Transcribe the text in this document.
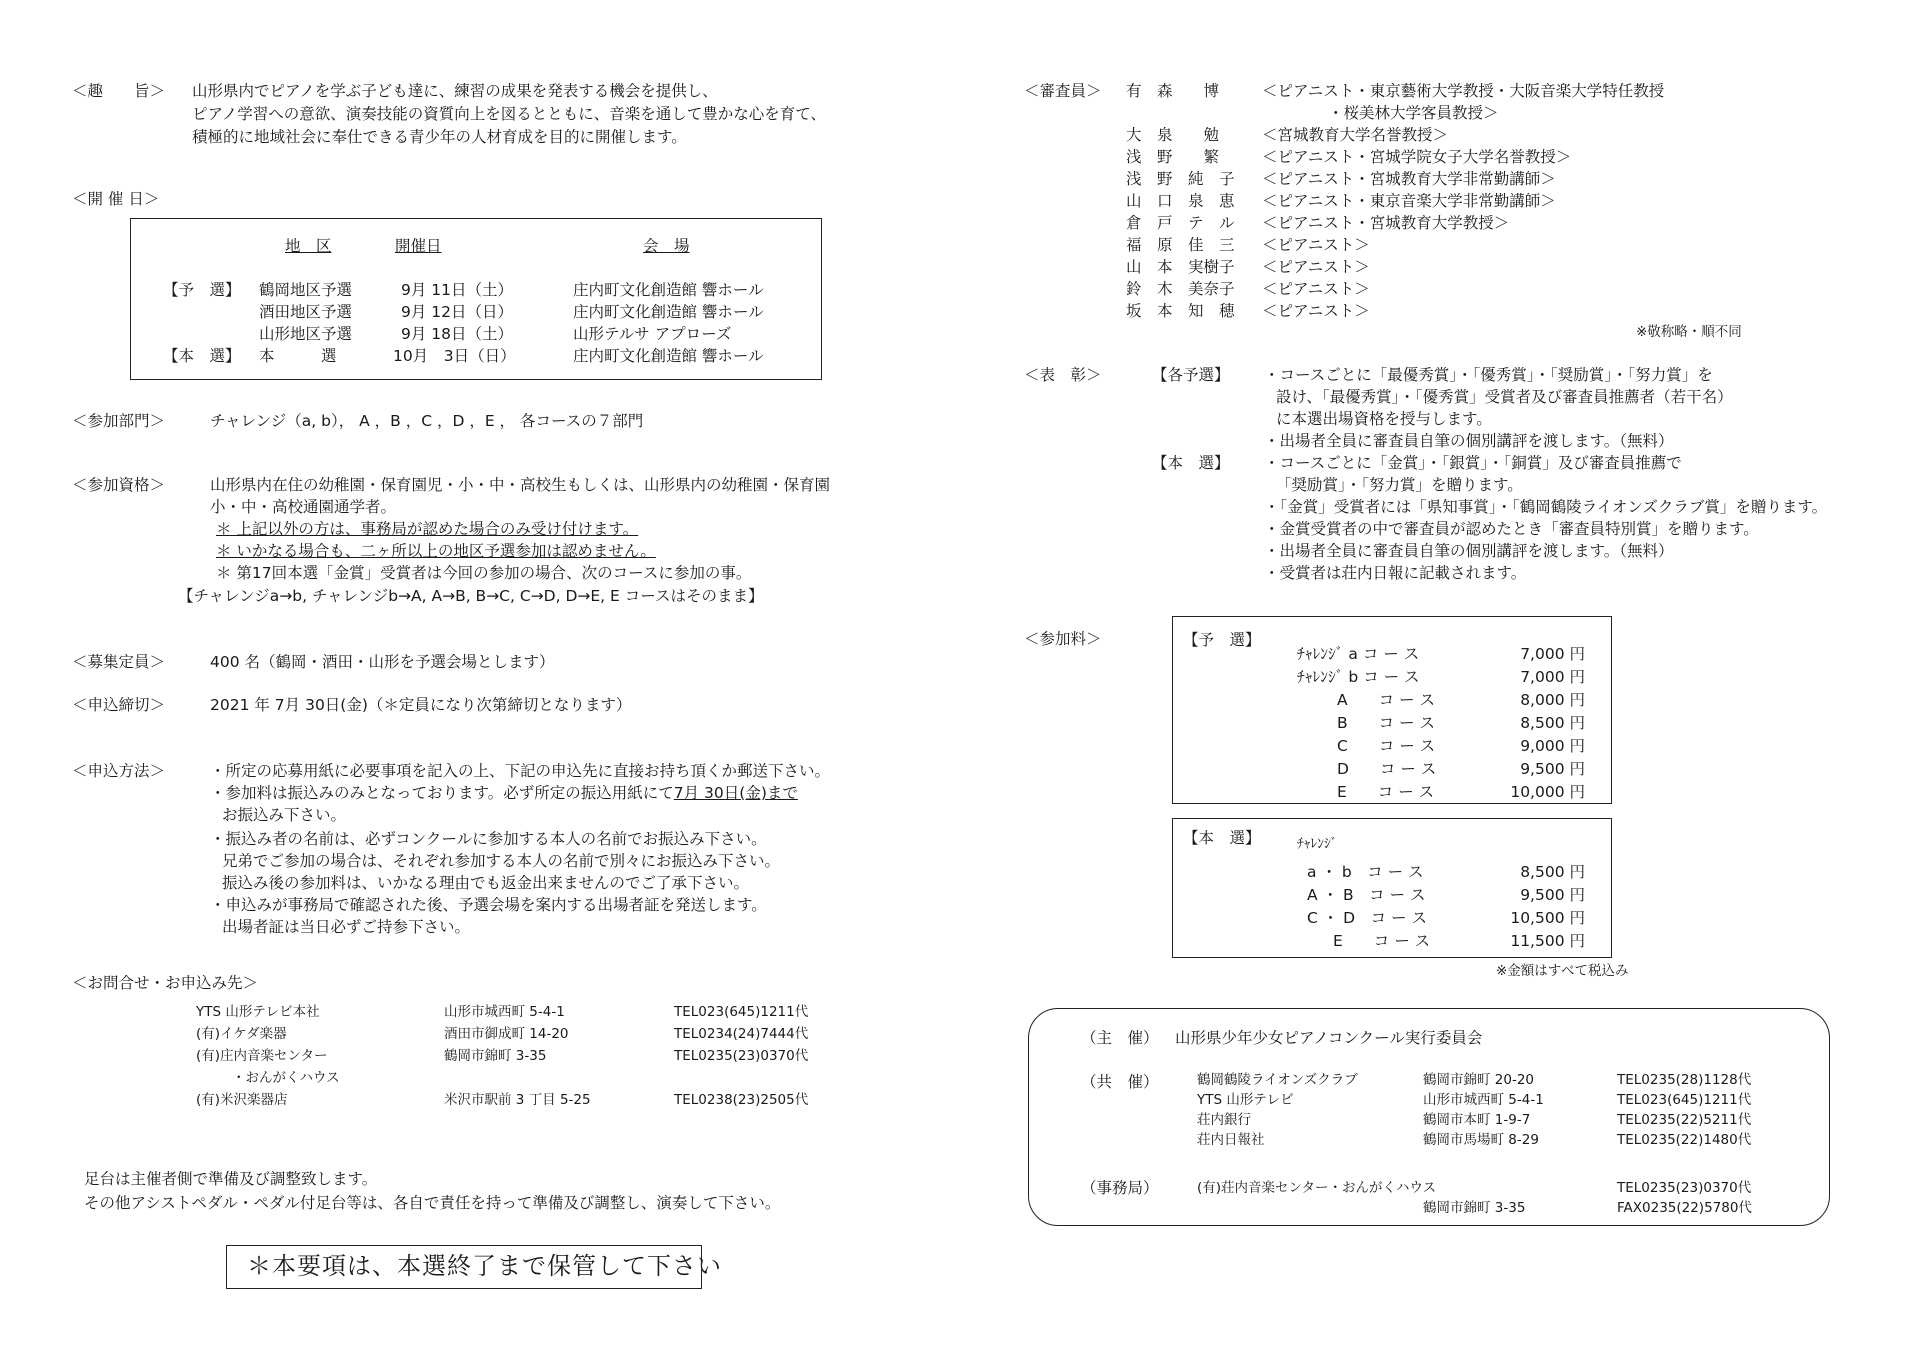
＜趣　　旨＞ 山形県内でピアノを学ぶ子ども達に、練習の成果を発表する機会を提供し、
ピアノ学習への意欲、演奏技能の資質向上を図るとともに、音楽を通して豊かな心を育て、
積極的に地域社会に奉仕できる青少年の人材育成を目的に開催します。
＜開 催 日＞
地　区	開催日	会　場
【予　選】 鶴岡地区予選	9月 11日（土）	庄内町文化創造館 響ホール
酒田地区予選	9月 12日（日）	庄内町文化創造館 響ホール
山形地区予選	9月 18日（土）	山形テルサ アプローズ
【本　選】 本　　　選	10月　3日（日）	庄内町文化創造館 響ホール
＜参加部門＞	チャレンジ（a, b）， A ，B ，C ，D ，E ， 各コースの７部門
＜参加資格＞	山形県内在住の幼稚園・保育園児・小・中・高校生もしくは、山形県内の幼稚園・保育園
小・中・高校通園通学者。
＊ 上記以外の方は、事務局が認めた場合のみ受け付けます。
＊ いかなる場合も、二ヶ所以上の地区予選参加は認めません。
＊ 第17回本選「金賞」受賞者は今回の参加の場合、次のコースに参加の事。
【チャレンジa→b, チャレンジb→A, A→B, B→C, C→D, D→E, E コースはそのまま】
＜募集定員＞	400 名（鶴岡・酒田・山形を予選会場とします）
＜申込締切＞	2021 年 7月 30日(金)（＊定員になり次第締切となります）
＜申込方法＞	・所定の応募用紙に必要事項を記入の上、下記の申込先に直接お持ち頂くか郵送下さい。
・参加料は振込みのみとなっております。必ず所定の振込用紙にて7月 30日(金)まで
お振込み下さい。
・振込み者の名前は、必ずコンクールに参加する本人の名前でお振込み下さい。
兄弟でご参加の場合は、それぞれ参加する本人の名前で別々にお振込み下さい。
振込み後の参加料は、いかなる理由でも返金出来ませんのでご了承下さい。
・申込みが事務局で確認された後、予選会場を案内する出場者証を発送します。
出場者証は当日必ずご持参下さい。
＜お問合せ・お申込み先＞
YTS 山形テレビ本社	山形市城西町 5-4-1	TEL023(645)1211代
(有)イケダ楽器	酒田市御成町 14-20	TEL0234(24)7444代
(有)庄内音楽センター	鶴岡市錦町 3-35	TEL0235(23)0370代
・おんがくハウス
(有)米沢楽器店	米沢市駅前 3 丁目 5-25	TEL0238(23)2505代
足台は主催者側で準備及び調整致します。
その他アシストペダル・ペダル付足台等は、各自で責任を持って準備及び調整し、演奏して下さい。
＊本要項は、本選終了まで保管して下さい
＜審査員＞ 有　森　　博	＜ピアニスト・東京藝術大学教授・大阪音楽大学特任教授
・桜美林大学客員教授＞
大　泉　　勉	＜宮城教育大学名誉教授＞
浅　野　　繁	＜ピアニスト・宮城学院女子大学名誉教授＞
浅　野　純　子 ＜ピアニスト・宮城教育大学非常勤講師＞
山　口　泉　恵 ＜ピアニスト・東京音楽大学非常勤講師＞
倉　戸　テ　ル ＜ピアニスト・宮城教育大学教授＞
福　原　佳　三 ＜ピアニスト＞
山　本　実樹子 ＜ピアニスト＞
鈴　木　美奈子 ＜ピアニスト＞
坂　本　知　穂 ＜ピアニスト＞
※敬称略・順不同
＜表　彰＞	【各予選】 ・コースごとに「最優秀賞」・「優秀賞」・「奨励賞」・「努力賞」を
設け、「最優秀賞」・「優秀賞」受賞者及び審査員推薦者（若干名）
に本選出場資格を授与します。
・出場者全員に審査員自筆の個別講評を渡します。（無料）
【本　選】 ・コースごとに「金賞」・「銀賞」・「銅賞」及び審査員推薦で
「奨励賞」・「努力賞」を贈ります。
・「金賞」受賞者には「県知事賞」・「鶴岡鶴陵ライオンズクラブ賞」を贈ります。
・金賞受賞者の中で審査員が認めたとき「審査員特別賞」を贈ります。
・出場者全員に審査員自筆の個別講評を渡します。（無料）
・受賞者は荘内日報に記載されます。
＜参加料＞	【予　選】
ﾁｬﾚﾝｼﾞ a コ ー ス	7,000 円
ﾁｬﾚﾝｼﾞ b コ ー ス	7,000 円
A　　コ ー ス	8,000 円
B　　コ ー ス	8,500 円
C　　コ ー ス	9,000 円
D　　コ ー ス	9,500 円
E　　コ ー ス	10,000 円
【本　選】	ﾁｬﾚﾝｼﾞ
a ・ b　コ ー ス	8,500 円
A ・ B　コ ー ス	9,500 円
C ・ D　コ ー ス	10,500 円
E　　コ ー ス	11,500 円
※金額はすべて税込み
（主　催） 山形県少年少女ピアノコンクール実行委員会
（共　催）	鶴岡鶴陵ライオンズクラブ	鶴岡市錦町 20-20	TEL0235(28)1128代
YTS 山形テレビ	山形市城西町 5-4-1	TEL023(645)1211代
荘内銀行	鶴岡市本町 1-9-7	TEL0235(22)5211代
荘内日報社	鶴岡市馬場町 8-29	TEL0235(22)1480代
（事務局）	(有)荘内音楽センター・おんがくハウス	TEL0235(23)0370代
鶴岡市錦町 3-35	FAX0235(22)5780代
